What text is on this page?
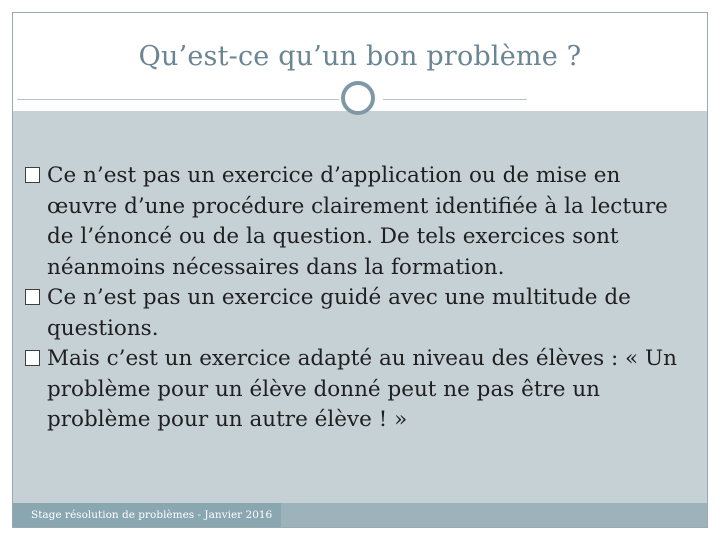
Qu’est-ce qu’un bon problème ?
Ce n’est pas un exercice d’application ou de mise en œuvre d’une procédure clairement identifiée à la lecture de l’énoncé ou de la question. De tels exercices sont néanmoins nécessaires dans la formation.
Ce n’est pas un exercice guidé avec une multitude de questions.
Mais c’est un exercice adapté au niveau des élèves : « Un problème pour un élève donné peut ne pas être un problème pour un autre élève ! »
Stage résolution de problèmes - Janvier 2016
